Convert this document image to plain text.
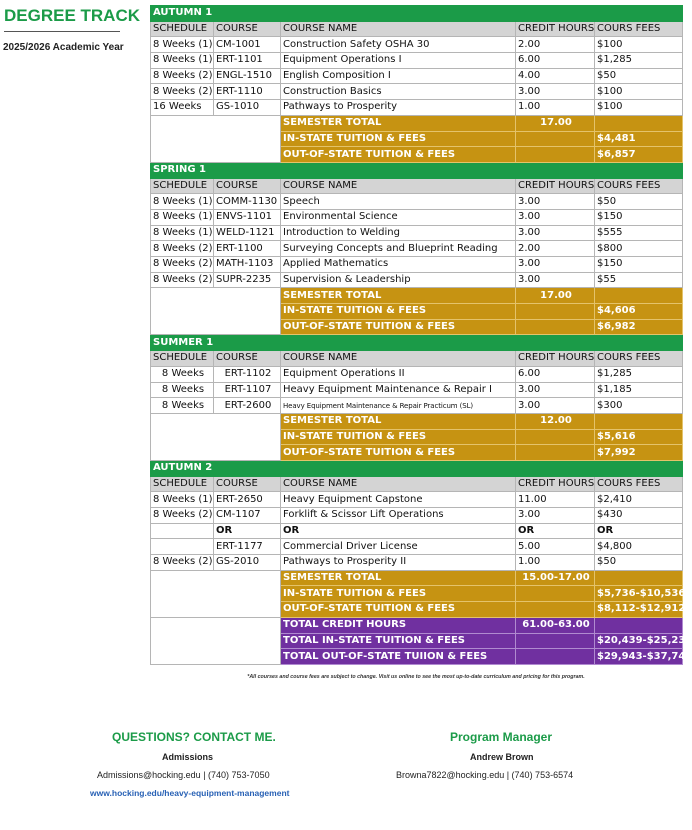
DEGREE TRACK
2025/2026 Academic Year
AUTUMN 1				
SCHEDULE	COURSE	COURSE NAME	CREDIT HOURS	COURS FEES
8 Weeks (1)	CM-1001	Construction Safety OSHA 30	2.00	$100
8 Weeks (1)	ERT-1101	Equipment Operations I	6.00	$1,285
8 Weeks (2)	ENGL-1510	English Composition I	4.00	$50
8 Weeks (2)	ERT-1110	Construction Basics	3.00	$100
16 Weeks	GS-1010	Pathways to Prosperity	1.00	$100
		SEMESTER TOTAL	17.00	
		IN-STATE TUITION & FEES		$4,481
		OUT-OF-STATE TUITION & FEES		$6,857
SPRING 1				
SCHEDULE	COURSE	COURSE NAME	CREDIT HOURS	COURS FEES
8 Weeks (1)	COMM-1130	Speech	3.00	$50
8 Weeks (1)	ENVS-1101	Environmental Science	3.00	$150
8 Weeks (1)	WELD-1121	Introduction to Welding	3.00	$555
8 Weeks (2)	ERT-1100	Surveying Concepts and Blueprint Reading	2.00	$800
8 Weeks (2)	MATH-1103	Applied Mathematics	3.00	$150
8 Weeks (2)	SUPR-2235	Supervision & Leadership	3.00	$55
		SEMESTER TOTAL	17.00	
		IN-STATE TUITION & FEES		$4,606
		OUT-OF-STATE TUITION & FEES		$6,982
SUMMER 1				
SCHEDULE	COURSE	COURSE NAME	CREDIT HOURS	COURS FEES
8 Weeks	ERT-1102	Equipment Operations II	6.00	$1,285
8 Weeks	ERT-1107	Heavy Equipment Maintenance & Repair I	3.00	$1,185
8 Weeks	ERT-2600	Heavy Equipment Maintenance & Repair Practicum (SL)	3.00	$300
		SEMESTER TOTAL	12.00	
		IN-STATE TUITION & FEES		$5,616
		OUT-OF-STATE TUITION & FEES		$7,992
AUTUMN 2				
SCHEDULE	COURSE	COURSE NAME	CREDIT HOURS	COURS FEES
8 Weeks (1)	ERT-2650	Heavy Equipment Capstone	11.00	$2,410
8 Weeks (2)	CM-1107	Forklift & Scissor Lift Operations	3.00	$430
	OR	OR	OR	OR
	ERT-1177	Commercial Driver License	5.00	$4,800
8 Weeks (2)	GS-2010	Pathways to Prosperity II	1.00	$50
		SEMESTER TOTAL	15.00-17.00	
		IN-STATE TUITION & FEES		$5,736-$10,536
		OUT-OF-STATE TUITION & FEES		$8,112-$12,912
		TOTAL CREDIT HOURS	61.00-63.00	
		TOTAL IN-STATE TUITION & FEES		$20,439-$25,239
		TOTAL OUT-OF-STATE TUIION & FEES		$29,943-$37,743
*All courses and course fees are subject to change. Visit us online to see the most up-to-date curriculum and pricing for this program.
QUESTIONS? CONTACT ME.
Admissions
Admissions@hocking.edu | (740) 753-7050
www.hocking.edu/heavy-equipment-management
Program Manager
Andrew Brown
Browna7822@hocking.edu | (740) 753-6574
